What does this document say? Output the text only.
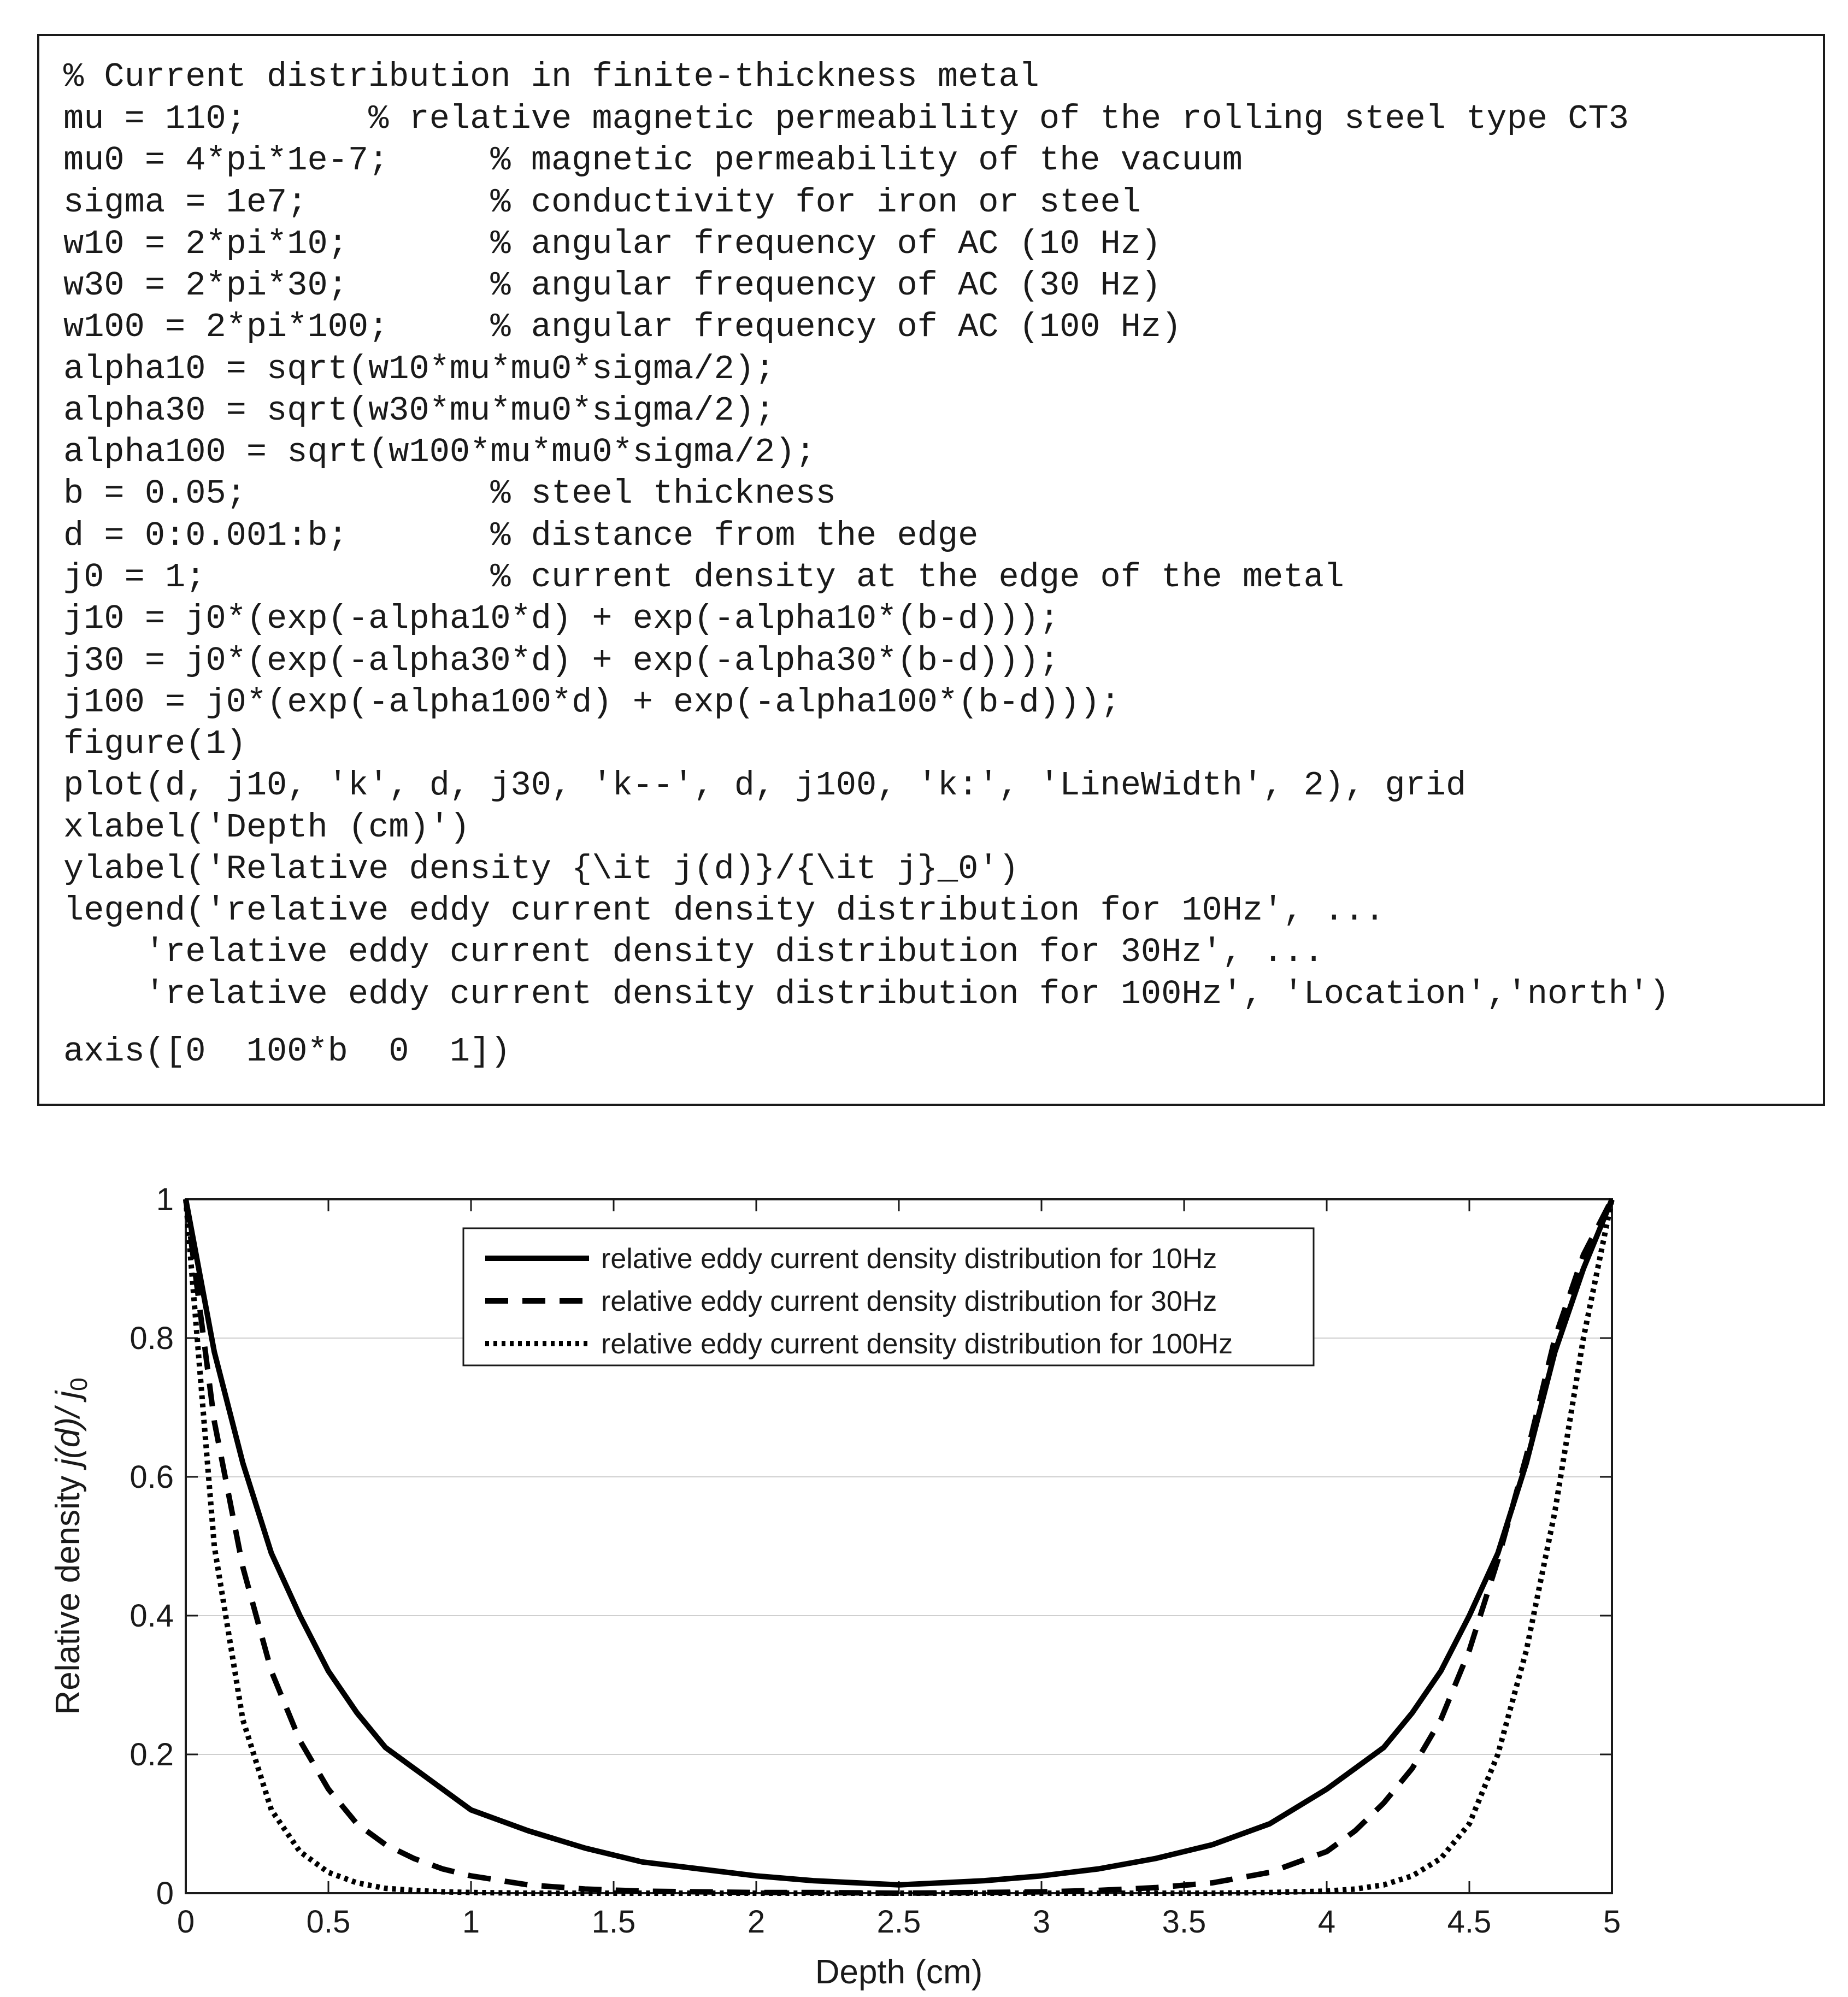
% Current distribution in finite-thickness metal
mu = 110;      % relative magnetic permeability of the rolling steel type CT3
mu0 = 4*pi*1e-7;     % magnetic permeability of the vacuum
sigma = 1e7;         % conductivity for iron or steel
w10 = 2*pi*10;       % angular frequency of AC (10 Hz)
w30 = 2*pi*30;       % angular frequency of AC (30 Hz)
w100 = 2*pi*100;     % angular frequency of AC (100 Hz)
alpha10 = sqrt(w10*mu*mu0*sigma/2);
alpha30 = sqrt(w30*mu*mu0*sigma/2);
alpha100 = sqrt(w100*mu*mu0*sigma/2);
b = 0.05;            % steel thickness
d = 0:0.001:b;       % distance from the edge
j0 = 1;              % current density at the edge of the metal
j10 = j0*(exp(-alpha10*d) + exp(-alpha10*(b-d)));
j30 = j0*(exp(-alpha30*d) + exp(-alpha30*(b-d)));
j100 = j0*(exp(-alpha100*d) + exp(-alpha100*(b-d)));
figure(1)
plot(d, j10, 'k', d, j30, 'k--', d, j100, 'k:', 'LineWidth', 2), grid
xlabel('Depth (cm)')
ylabel('Relative density {\it j(d)}/{\it j}_0')
legend('relative eddy current density distribution for 10Hz', ...
'relative eddy current density distribution for 30Hz', ...
'relative eddy current density distribution for 100Hz', 'Location','north')
axis([0  100*b  0  1])
0
0.2
0.4
0.6
0.8
1
0	0.5	1	1.5	2	2.5	3	3.5	4	4.5	5
relative eddy current density distribution for 10Hz
relative eddy current density distribution for 30Hz
relative eddy current density distribution for 100Hz
Depth (cm)
Relative density j(d)/ $j_0$
